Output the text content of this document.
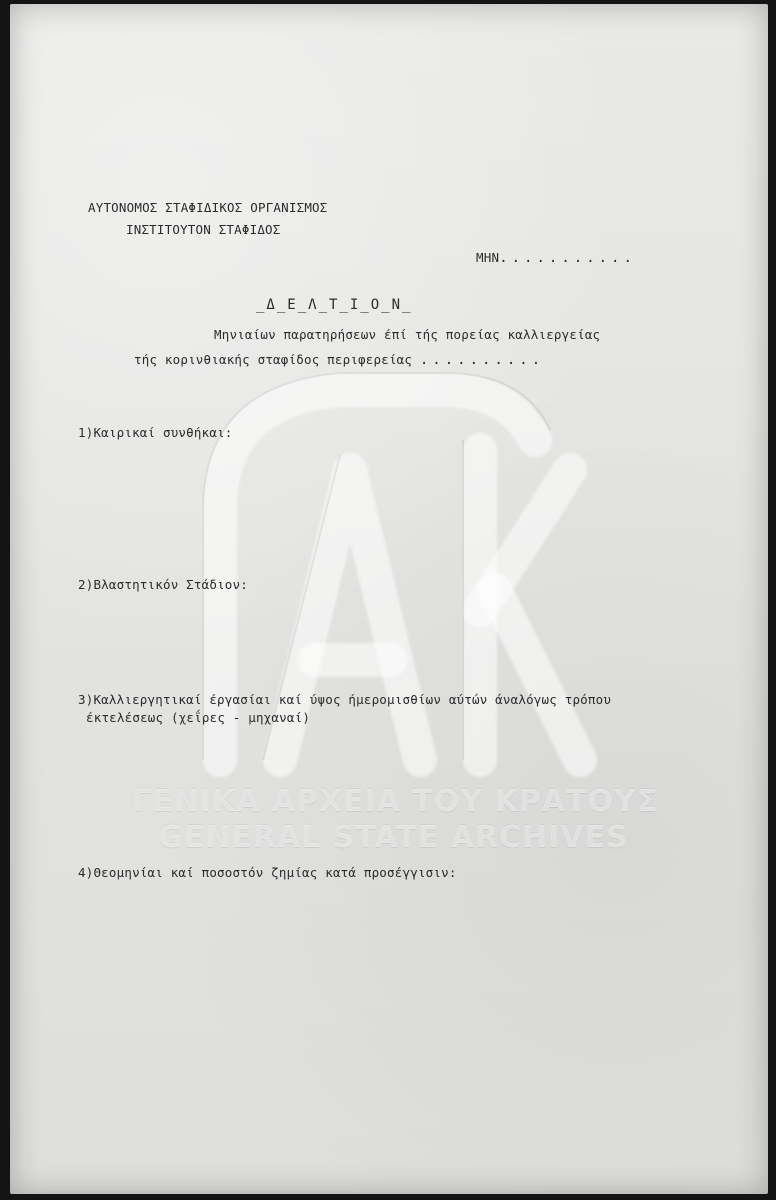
ΑΥΤΟΝΟΜΟΣ ΣΤΑΦΙΔΙΚΟΣ ΟΡΓΑΝΙΣΜΟΣ
ΙΝΣΤΙΤΟΥΤΟΝ ΣΤΑΦΙΔΟΣ
ΜΗΝ...........
_Δ_Ε_Λ_Τ_Ι_Ο_Ν_
Μηνιαίων παρατηρήσεων έπί τής πορείας καλλιεργείας
τής κορινθιακής σταφίδος περιφερείας ..........
1)Καιρικαί συνθήκαι:
2)Βλαστητικόν Στάδιον:
3)Καλλιεργητικαί έργασίαι καί ύψος ήμερομισθίων αύτών άναλόγως τρόπου
έκτελέσεως (χεΐρες - μηχαναί)
4)Θεομηνίαι καί ποσοστόν ζημίας κατά προσέγγισιν:
ΓΕΝΙΚΑ ΑΡΧΕΙΑ ΤΟΥ ΚΡΑΤΟΥΣ
GENERAL STATE ARCHIVES
